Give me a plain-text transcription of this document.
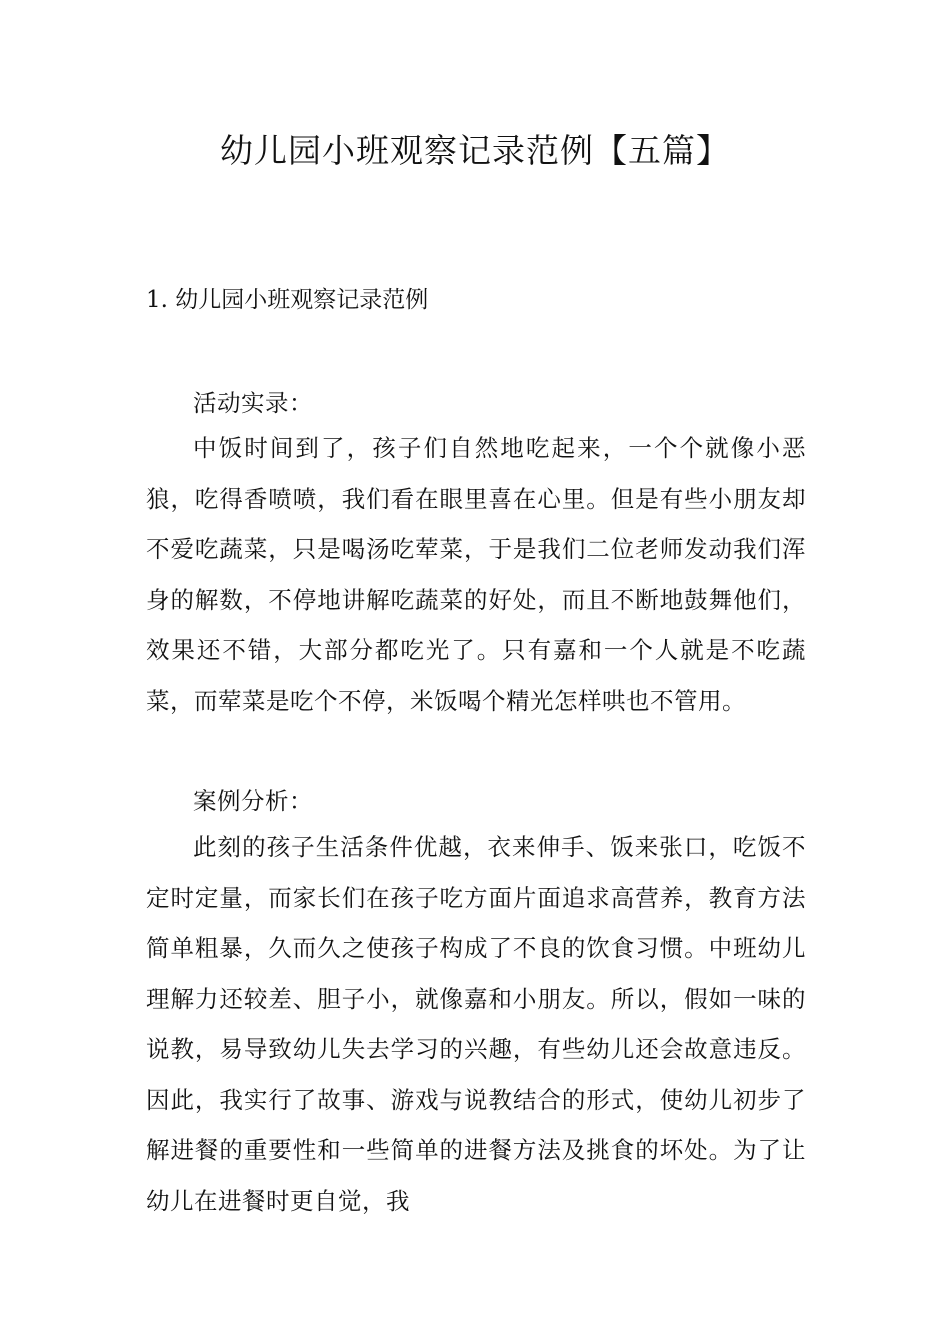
幼儿园小班观察记录范例【五篇】
1. 幼儿园小班观察记录范例

活动实录：

中饭时间到了，孩子们自然地吃起来，一个个就像小恶狼，吃得香喷喷，我们看在眼里喜在心里。但是有些小朋友却不爱吃蔬菜，只是喝汤吃荤菜，于是我们二位老师发动我们浑身的解数，不停地讲解吃蔬菜的好处，而且不断地鼓舞他们，效果还不错，大部分都吃光了。只有嘉和一个人就是不吃蔬菜，而荤菜是吃个不停，米饭喝个精光怎样哄也不管用。

案例分析：

此刻的孩子生活条件优越，衣来伸手、饭来张口，吃饭不定时定量，而家长们在孩子吃方面片面追求高营养，教育方法简单粗暴，久而久之使孩子构成了不良的饮食习惯。中班幼儿理解力还较差、胆子小，就像嘉和小朋友。所以，假如一味的说教，易导致幼儿失去学习的兴趣，有些幼儿还会故意违反。因此，我实行了故事、游戏与说教结合的形式，使幼儿初步了解进餐的重要性和一些简单的进餐方法及挑食的坏处。为了让幼儿在进餐时更自觉，我
